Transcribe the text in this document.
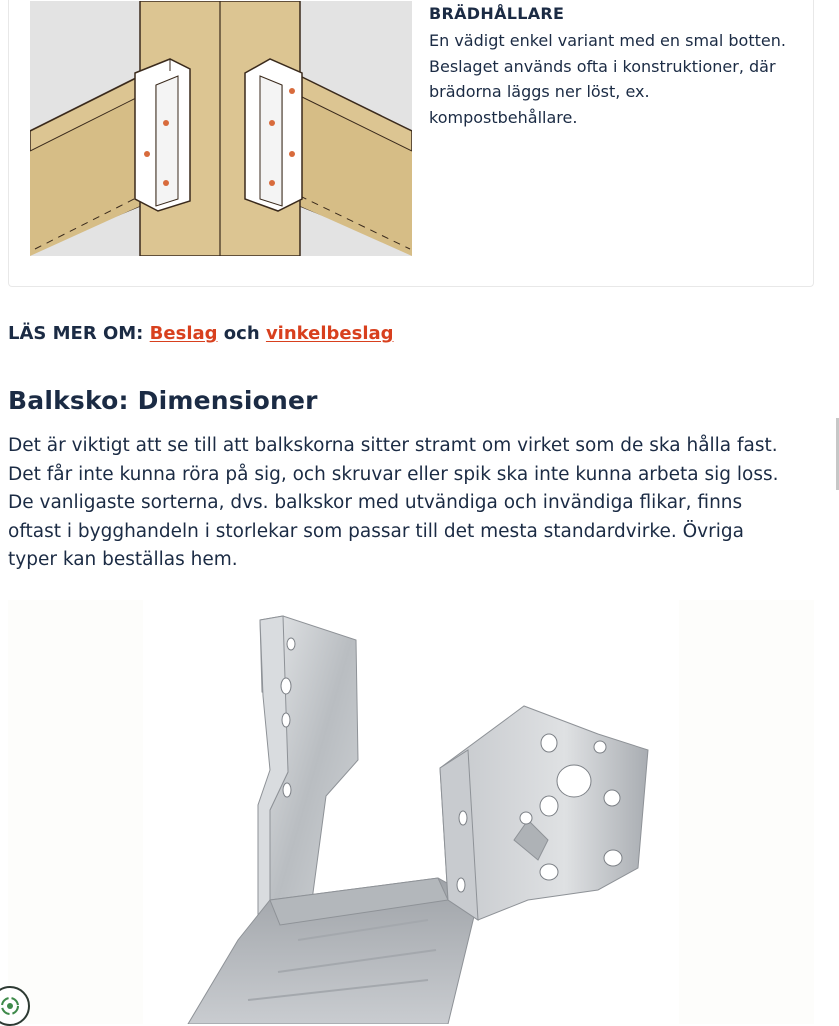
BRÄDHÅLLARE
En vädigt enkel variant med en smal botten.
Beslaget används ofta i konstruktioner, där
brädorna läggs ner löst, ex.
kompostbehållare.
LÄS MER OM: Beslag och vinkelbeslag
Balksko: Dimensioner
Det är viktigt att se till att balkskorna sitter stramt om virket som de ska hålla fast.
Det får inte kunna röra på sig, och skruvar eller spik ska inte kunna arbeta sig loss.
De vanligaste sorterna, dvs. balkskor med utvändiga och invändiga flikar, finns
oftast i bygghandeln i storlekar som passar till det mesta standardvirke. Övriga
typer kan beställas hem.
